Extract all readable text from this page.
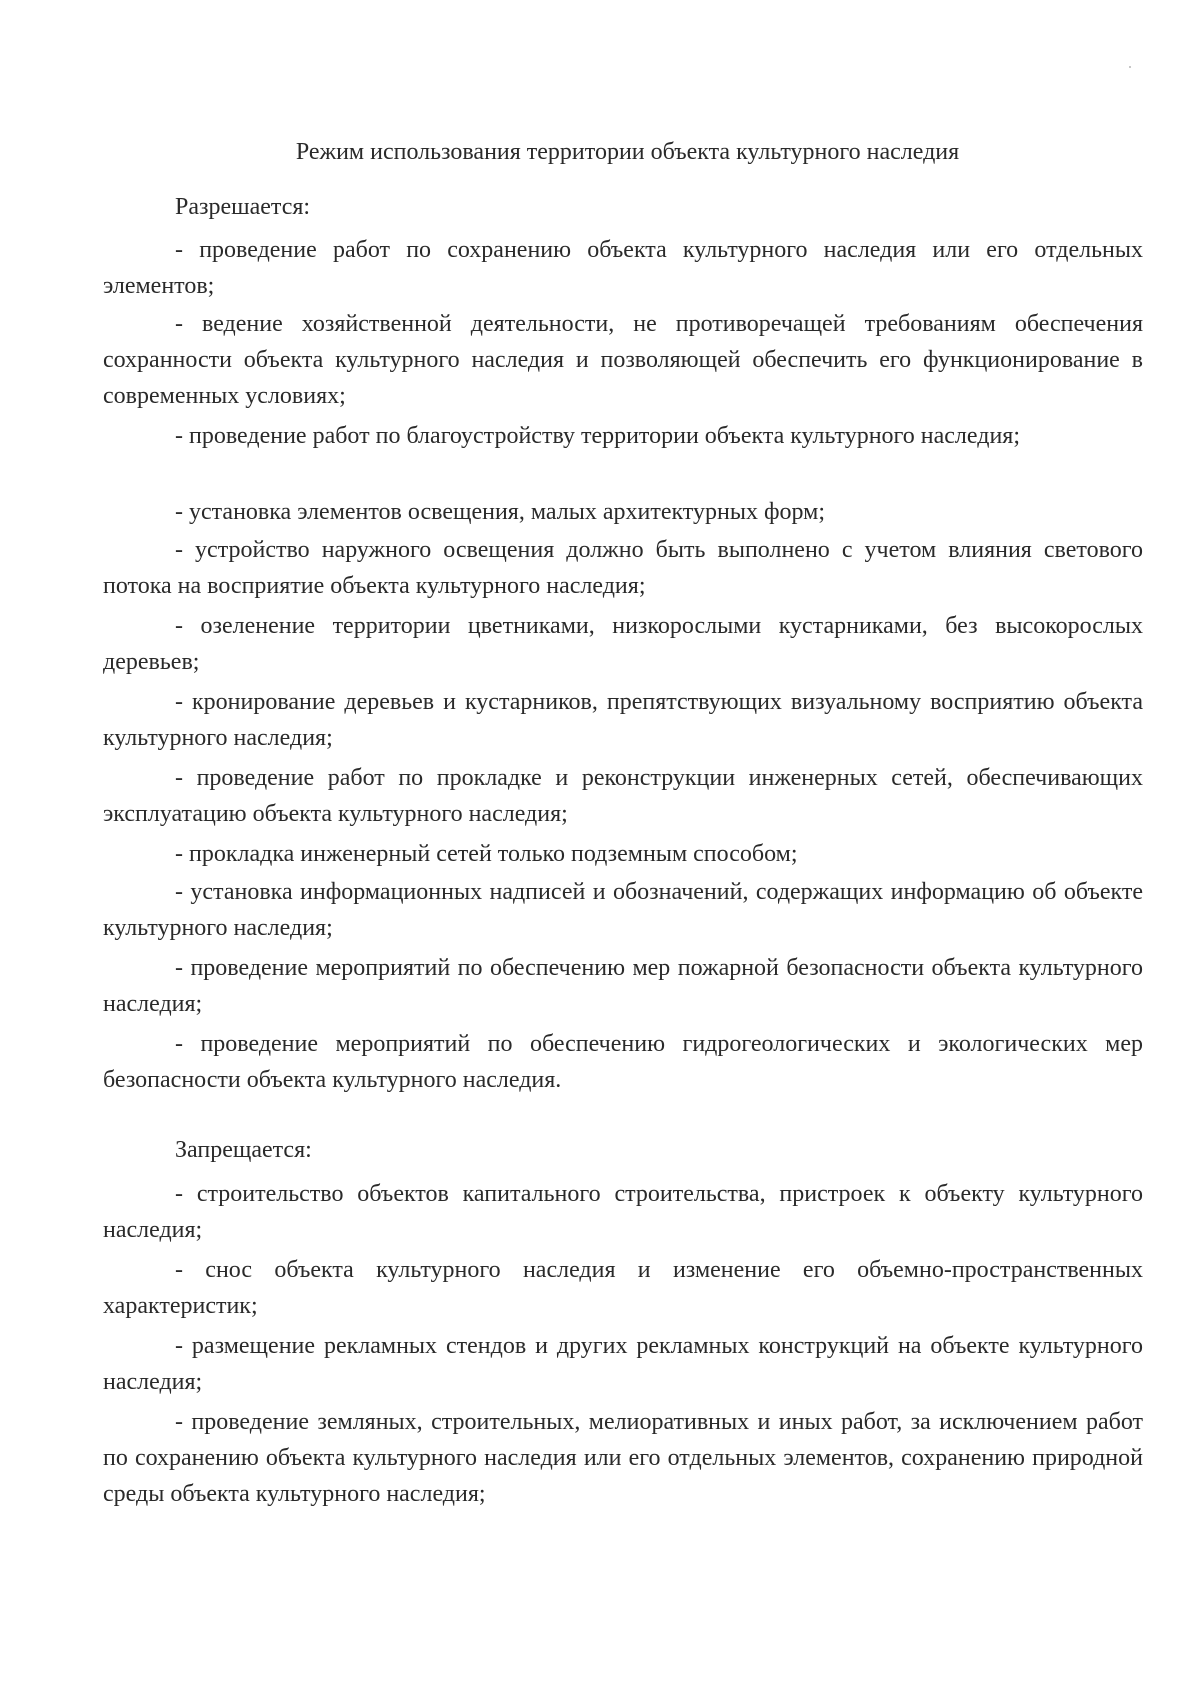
Режим использования территории объекта культурного наследия

Разрешается:

- проведение работ по сохранению объекта культурного наследия или его отдельных элементов;

- ведение хозяйственной деятельности, не противоречащей требованиям обеспечения сохранности объекта культурного наследия и позволяющей обеспечить его функционирование в современных условиях;

- проведение работ по благоустройству территории объекта культурного наследия;

- установка элементов освещения, малых архитектурных форм;

- устройство наружного освещения должно быть выполнено с учетом влияния светового потока на восприятие объекта культурного наследия;

- озеленение территории цветниками, низкорослыми кустарниками, без высокорослых деревьев;

- кронирование деревьев и кустарников, препятствующих визуальному восприятию объекта культурного наследия;

- проведение работ по прокладке и реконструкции инженерных сетей, обеспечивающих эксплуатацию объекта культурного наследия;

- прокладка инженерный сетей только подземным способом;

- установка информационных надписей и обозначений, содержащих информацию об объекте культурного наследия;

- проведение мероприятий по обеспечению мер пожарной безопасности объекта культурного наследия;

- проведение мероприятий по обеспечению гидрогеологических и экологических мер безопасности объекта культурного наследия.

Запрещается:

- строительство объектов капитального строительства, пристроек к объекту культурного наследия;

- снос объекта культурного наследия и изменение его объемно-пространственных характеристик;

- размещение рекламных стендов и других рекламных конструкций на объекте культурного наследия;

- проведение земляных, строительных, мелиоративных и иных работ, за исключением работ по сохранению объекта культурного наследия или его отдельных элементов, сохранению природной среды объекта культурного наследия;
